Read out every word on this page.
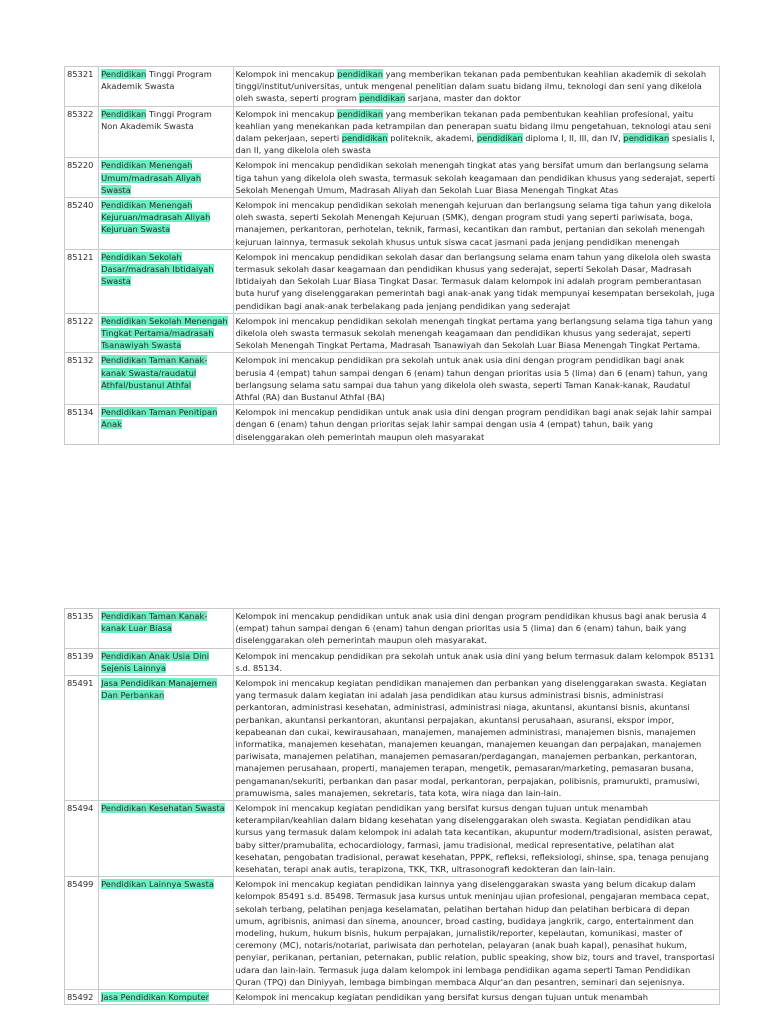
85321	Pendidikan Tinggi Program Akademik Swasta	Kelompok ini mencakup pendidikan yang memberikan tekanan pada pembentukan keahlian akademik di sekolah tinggi/institut/universitas, untuk mengenal penelitian dalam suatu bidang ilmu, teknologi dan seni yang dikelola oleh swasta, seperti program pendidikan sarjana, master dan doktor
85322	Pendidikan Tinggi Program Non Akademik Swasta	Kelompok ini mencakup pendidikan yang memberikan tekanan pada pembentukan keahlian profesional, yaitu keahlian yang menekankan pada ketrampilan dan penerapan suatu bidang ilmu pengetahuan, teknologi atau seni dalam pekerjaan, seperti pendidikan politeknik, akademi, pendidikan diploma I, II, III, dan IV, pendidikan spesialis I, dan II, yang dikelola oleh swasta
85220	Pendidikan Menengah Umum/madrasah Aliyah Swasta	Kelompok ini mencakup pendidikan sekolah menengah tingkat atas yang bersifat umum dan berlangsung selama tiga tahun yang dikelola oleh swasta, termasuk sekolah keagamaan dan pendidikan khusus yang sederajat, seperti Sekolah Menengah Umum, Madrasah Aliyah dan Sekolah Luar Biasa Menengah Tingkat Atas
85240	Pendidikan Menengah Kejuruan/madrasah Aliyah Kejuruan Swasta	Kelompok ini mencakup pendidikan sekolah menengah kejuruan dan berlangsung selama tiga tahun yang dikelola oleh swasta, seperti Sekolah Menengah Kejuruan (SMK), dengan program studi yang seperti pariwisata, boga, manajemen, perkantoran, perhotelan, teknik, farmasi, kecantikan dan rambut, pertanian dan sekolah menengah kejuruan lainnya, termasuk sekolah khusus untuk siswa cacat jasmani pada jenjang pendidikan menengah
85121	Pendidikan Sekolah Dasar/madrasah Ibtidaiyah Swasta	Kelompok ini mencakup pendidikan sekolah dasar dan berlangsung selama enam tahun yang dikelola oleh swasta termasuk sekolah dasar keagamaan dan pendidikan khusus yang sederajat, seperti Sekolah Dasar, Madrasah Ibtidaiyah dan Sekolah Luar Biasa Tingkat Dasar. Termasuk dalam kelompok ini adalah program pemberantasan buta huruf yang diselenggarakan pemerintah bagi anak-anak yang tidak mempunyai kesempatan bersekolah, juga pendidikan bagi anak-anak terbelakang pada jenjang pendidikan yang sederajat
85122	Pendidikan Sekolah Menengah Tingkat Pertama/madrasah Tsanawiyah Swasta	Kelompok ini mencakup pendidikan sekolah menengah tingkat pertama yang berlangsung selama tiga tahun yang dikelola oleh swasta termasuk sekolah menengah keagamaan dan pendidikan khusus yang sederajat, seperti Sekolah Menengah Tingkat Pertama, Madrasah Tsanawiyah dan Sekolah Luar Biasa Menengah Tingkat Pertama.
85132	Pendidikan Taman Kanak-kanak Swasta/raudatul Athfal/bustanul Athfal	Kelompok ini mencakup pendidikan pra sekolah untuk anak usia dini dengan program pendidikan bagi anak berusia 4 (empat) tahun sampai dengan 6 (enam) tahun dengan prioritas usia 5 (lima) dan 6 (enam) tahun, yang berlangsung selama satu sampai dua tahun yang dikelola oleh swasta, seperti Taman Kanak-kanak, Raudatul Athfal (RA) dan Bustanul Athfal (BA)
85134	Pendidikan Taman Penitipan Anak	Kelompok ini mencakup pendidikan untuk anak usia dini dengan program pendidikan bagi anak sejak lahir sampai dengan 6 (enam) tahun dengan prioritas sejak lahir sampai dengan usia 4 (empat) tahun, baik yang diselenggarakan oleh pemerintah maupun oleh masyarakat
85135	Pendidikan Taman Kanak-kanak Luar Biasa	Kelompok ini mencakup pendidikan untuk anak usia dini dengan program pendidikan khusus bagi anak berusia 4 (empat) tahun sampai dengan 6 (enam) tahun dengan prioritas usia 5 (lima) dan 6 (enam) tahun, baik yang diselenggarakan oleh pemerintah maupun oleh masyarakat.
85139	Pendidikan Anak Usia Dini Sejenis Lainnya	Kelompok ini mencakup pendidikan pra sekolah untuk anak usia dini yang belum termasuk dalam kelompok 85131 s.d. 85134.
85491	Jasa Pendidikan Manajemen Dan Perbankan	Kelompok ini mencakup kegiatan pendidikan manajemen dan perbankan yang diselenggarakan swasta. Kegiatan yang termasuk dalam kegiatan ini adalah jasa pendidikan atau kursus administrasi bisnis, administrasi perkantoran, administrasi kesehatan, administrasi, administrasi niaga, akuntansi, akuntansi bisnis, akuntansi perbankan, akuntansi perkantoran, akuntansi perpajakan, akuntansi perusahaan, asuransi, ekspor impor, kepabeanan dan cukai, kewirausahaan, manajemen, manajemen administrasi, manajemen bisnis, manajemen informatika, manajemen kesehatan, manajemen keuangan, manajemen keuangan dan perpajakan, manajemen pariwisata, manajemen pelatihan, manajemen pemasaran/perdagangan, manajemen perbankan, perkantoran, manajemen perusahaan, properti, manajemen terapan, mengetik, pemasaran/marketing, pemasaran busana, pengamanan/sekuriti, perbankan dan pasar modal, perkantoran, perpajakan, polibisnis, pramurukti, pramusiwi, pramuwisma, sales manajemen, sekretaris, tata kota, wira niaga dan lain-lain.
85494	Pendidikan Kesehatan Swasta	Kelompok ini mencakup kegiatan pendidikan yang bersifat kursus dengan tujuan untuk menambah keterampilan/keahlian dalam bidang kesehatan yang diselenggarakan oleh swasta. Kegiatan pendidikan atau kursus yang termasuk dalam kelompok ini adalah tata kecantikan, akupuntur modern/tradisional, asisten perawat, baby sitter/pramubalita, echocardiology, farmasi, jamu tradisional, medical representative, pelatihan alat kesehatan, pengobatan tradisional, perawat kesehatan, PPPK, refleksi, refleksiologi, shinse, spa, tenaga penujang kesehatan, terapi anak autis, terapizona, TKK, TKR, ultrasonografi kedokteran dan lain-lain.
85499	Pendidikan Lainnya Swasta	Kelompok ini mencakup kegiatan pendidikan lainnya yang diselenggarakan swasta yang belum dicakup dalam kelompok 85491 s.d. 85498. Termasuk jasa kursus untuk meninjau ujian profesional, pengajaran membaca cepat, sekolah terbang, pelatihan penjaga keselamatan, pelatihan bertahan hidup dan pelatihan berbicara di depan umum, agribisnis, animasi dan sinema, anouncer, broad casting, budidaya jangkrik, cargo, entertainment dan modeling, hukum, hukum bisnis, hukum perpajakan, jurnalistik/reporter, kepelautan, komunikasi, master of ceremony (MC), notaris/notariat, pariwisata dan perhotelan, pelayaran (anak buah kapal), penasihat hukum, penyiar, perikanan, pertanian, peternakan, public relation, public speaking, show biz, tours and travel, transportasi udara dan lain-lain. Termasuk juga dalam kelompok ini lembaga pendidikan agama seperti Taman Pendidikan Quran (TPQ) dan Diniyyah, lembaga bimbingan membaca Alqur'an dan pesantren, seminari dan sejenisnya.
85492	Jasa Pendidikan Komputer	Kelompok ini mencakup kegiatan pendidikan yang bersifat kursus dengan tujuan untuk menambah
